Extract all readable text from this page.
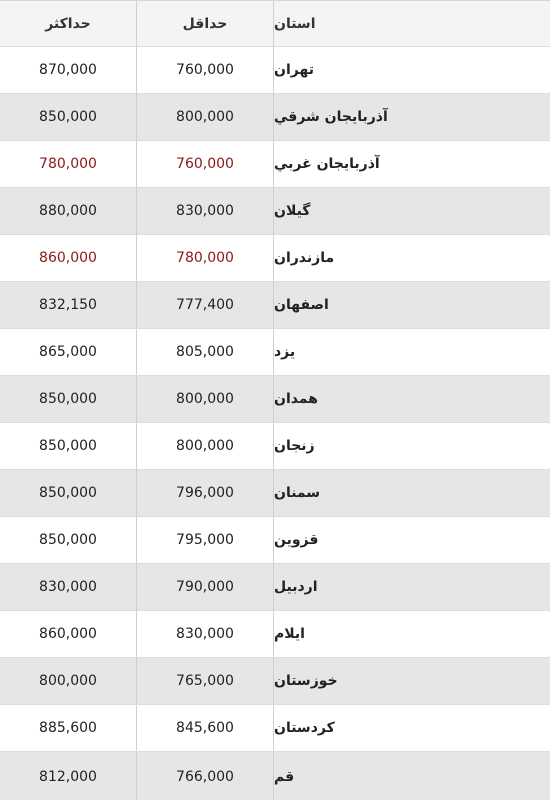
حداکثر	حداقل	استان
870,000	760,000	تهران
850,000	800,000	آذربایجان شرقي
780,000	760,000	آذربایجان غربي
880,000	830,000	گیلان
860,000	780,000	مازندران
832,150	777,400	اصفهان
865,000	805,000	یزد
850,000	800,000	همدان
850,000	800,000	زنجان
850,000	796,000	سمنان
850,000	795,000	قزوین
830,000	790,000	اردبیل
860,000	830,000	ایلام
800,000	765,000	خوزستان
885,600	845,600	کردستان
812,000	766,000	قم
